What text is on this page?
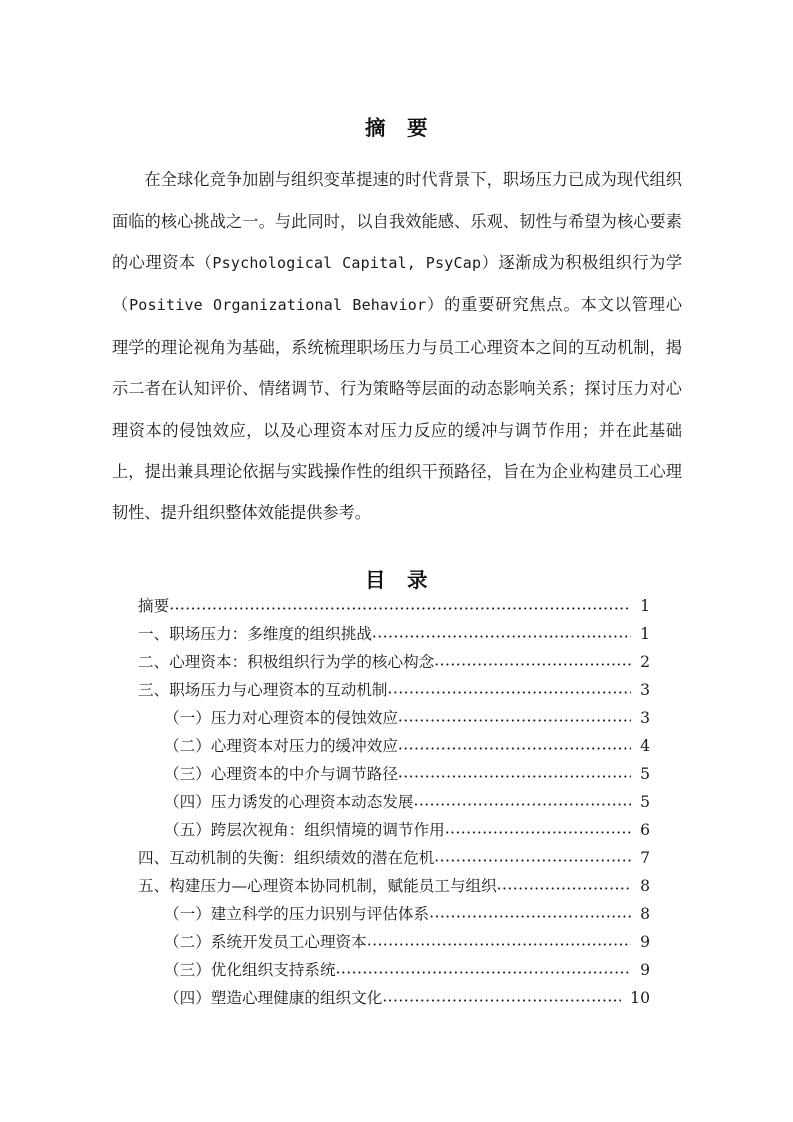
摘　要

在全球化竞争加剧与组织变革提速的时代背景下，职场压力已成为现代组织面临的核心挑战之一。与此同时，以自我效能感、乐观、韧性与希望为核心要素的心理资本（Psychological Capital, PsyCap）逐渐成为积极组织行为学（Positive Organizational Behavior）的重要研究焦点。本文以管理心理学的理论视角为基础，系统梳理职场压力与员工心理资本之间的互动机制，揭示二者在认知评价、情绪调节、行为策略等层面的动态影响关系；探讨压力对心理资本的侵蚀效应，以及心理资本对压力反应的缓冲与调节作用；并在此基础上，提出兼具理论依据与实践操作性的组织干预路径，旨在为企业构建员工心理韧性、提升组织整体效能提供参考。

目　录
摘要 ·····	1
一、职场压力：多维度的组织挑战 ·····	1
二、心理资本：积极组织行为学的核心构念 ·····	2
三、职场压力与心理资本的互动机制 ·····	3
（一）压力对心理资本的侵蚀效应 ·····	3
（二）心理资本对压力的缓冲效应 ·····	4
（三）心理资本的中介与调节路径 ·····	5
（四）压力诱发的心理资本动态发展 ·····	5
（五）跨层次视角：组织情境的调节作用 ·····	6
四、互动机制的失衡：组织绩效的潜在危机 ·····	7
五、构建压力—心理资本协同机制，赋能员工与组织 ·····	8
（一）建立科学的压力识别与评估体系 ·····	8
（二）系统开发员工心理资本 ·····	9
（三）优化组织支持系统 ·····	9
（四）塑造心理健康的组织文化 ·····	10
